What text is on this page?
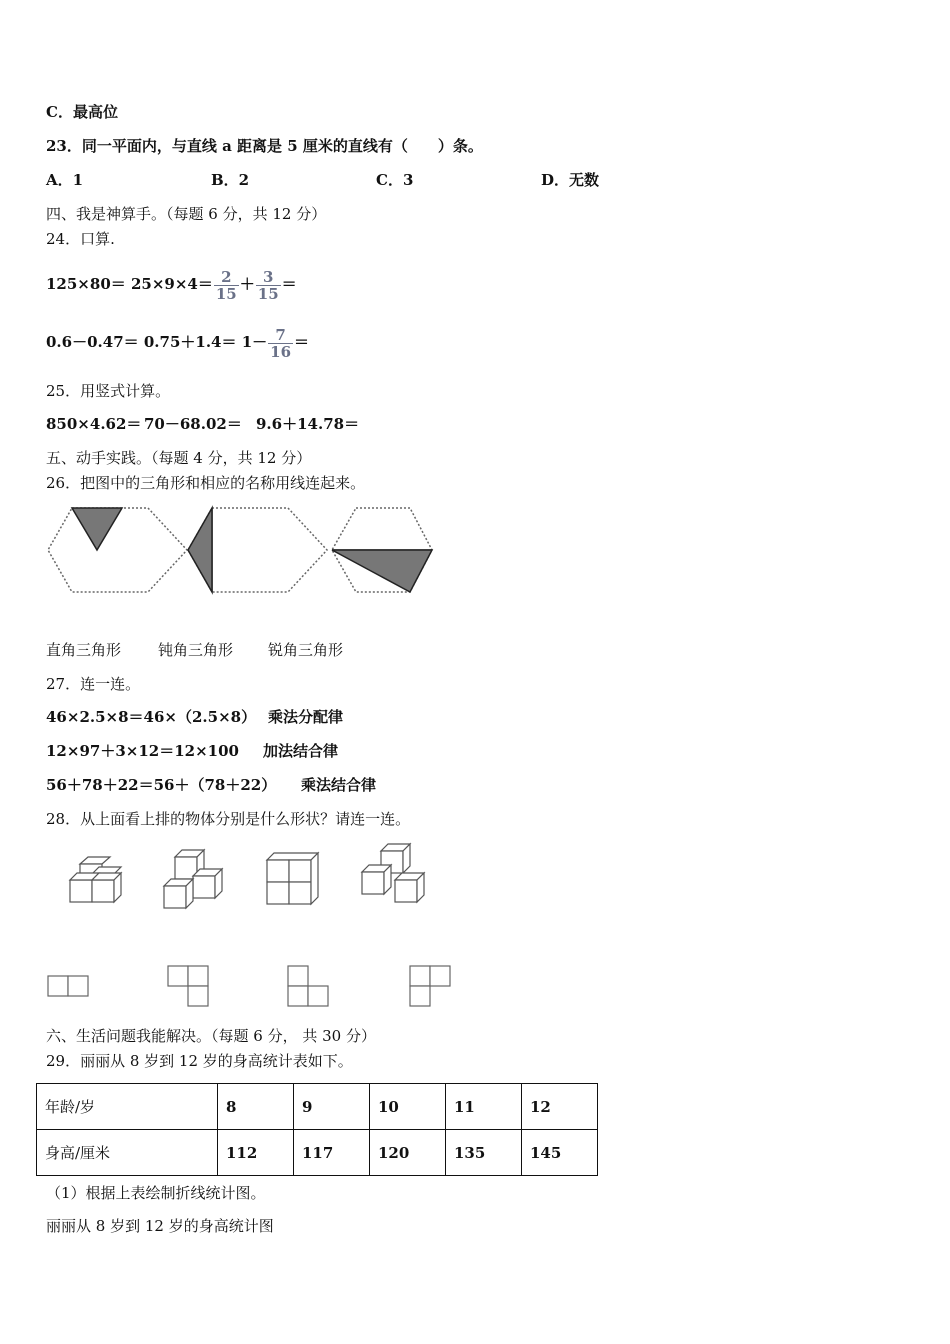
C．最高位
23．同一平面内，与直线 a 距离是 5 厘米的直线有（　　）条。
A．1	B．2	C．3	D．无数
四、我是神算手。（每题 6 分，共 12 分）
24．口算.
$125\times 80= 25\times 9\times 4= \frac{2}{15} + \frac{3}{15}$ ＝
$0.6-0.47= 0.75+1.4= 1- \frac{7}{16}$ ＝
25．用竖式计算。
850×4.62＝ 70－68.02＝ 9.6＋14.78＝
五、动手实践。（每题 4 分，共 12 分）
26．把图中的三角形和相应的名称用线连起来。
直角三角形 钝角三角形 锐角三角形
27．连一连。
46×2.5×8＝46×（2.5×8） 乘法分配律
12×97＋3×12＝12×100 加法结合律
56＋78＋22＝56＋（78＋22） 乘法结合律
28．从上面看上排的物体分别是什么形状？请连一连。
六、生活问题我能解决。（每题 6 分， 共 30 分）
29．丽丽从 8 岁到 12 岁的身高统计表如下。
年龄/岁	8	9	10	11	12
身高/厘米	112	117	120	135	145
（1）根据上表绘制折线统计图。
丽丽从 8 岁到 12 岁的身高统计图
